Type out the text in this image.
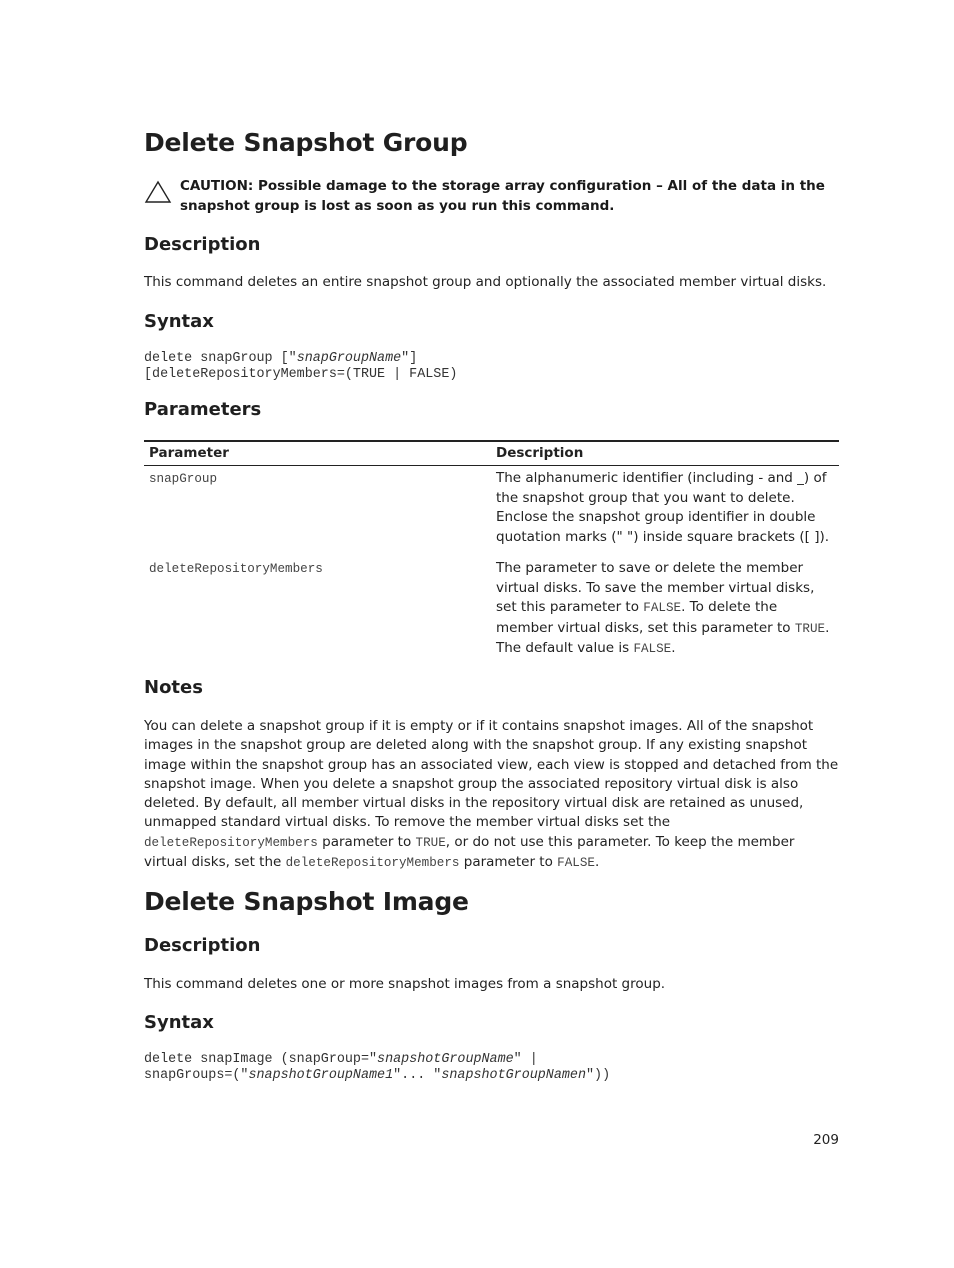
Delete Snapshot Group
CAUTION: Possible damage to the storage array configuration – All of the data in the snapshot group is lost as soon as you run this command.
Description

This command deletes an entire snapshot group and optionally the associated member virtual disks.

Syntax
delete snapGroup ["snapGroupName"]
[deleteRepositoryMembers=(TRUE | FALSE)
Parameters
Parameter	Description
snapGroup	The alphanumeric identifier (including - and _) of the snapshot group that you want to delete. Enclose the snapshot group identifier in double quotation marks (" ") inside square brackets ([ ]).
deleteRepositoryMembers	The parameter to save or delete the member virtual disks. To save the member virtual disks, set this parameter to FALSE. To delete the member virtual disks, set this parameter to TRUE. The default value is FALSE.
Notes

You can delete a snapshot group if it is empty or if it contains snapshot images. All of the snapshot images in the snapshot group are deleted along with the snapshot group. If any existing snapshot image within the snapshot group has an associated view, each view is stopped and detached from the snapshot image. When you delete a snapshot group the associated repository virtual disk is also deleted. By default, all member virtual disks in the repository virtual disk are retained as unused, unmapped standard virtual disks. To remove the member virtual disks set the deleteRepositoryMembers parameter to TRUE, or do not use this parameter. To keep the member virtual disks, set the deleteRepositoryMembers parameter to FALSE.

Delete Snapshot Image
Description

This command deletes one or more snapshot images from a snapshot group.

Syntax
delete snapImage (snapGroup="snapshotGroupName" |
snapGroups=("snapshotGroupName1"... "snapshotGroupNamen"))
209
